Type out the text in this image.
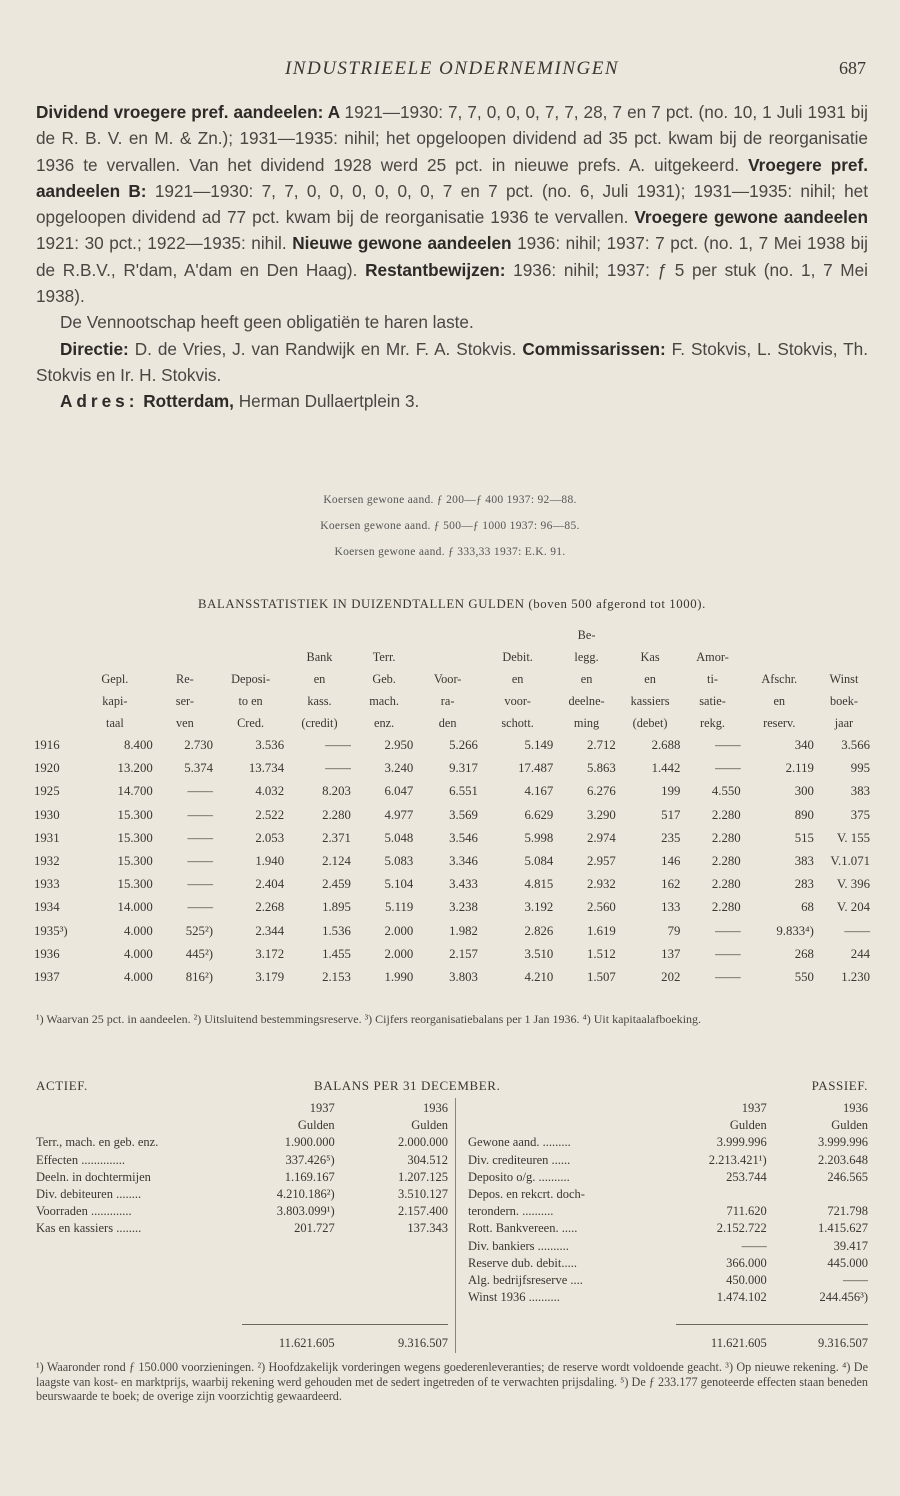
INDUSTRIEELE ONDERNEMINGEN	687

Dividend vroegere pref. aandeelen: A 1921—1930: 7, 7, 0, 0, 0, 7, 7, 28, 7 en 7 pct. (no. 10, 1 Juli 1931 bij de R. B. V. en M. & Zn.); 1931—1935: nihil; het opgeloopen dividend ad 35 pct. kwam bij de reorganisatie 1936 te vervallen. Van het dividend 1928 werd 25 pct. in nieuwe prefs. A. uitgekeerd. Vroegere pref. aandeelen B: 1921—1930: 7, 7, 0, 0, 0, 0, 0, 0, 7 en 7 pct. (no. 6, Juli 1931); 1931—1935: nihil; het opgeloopen dividend ad 77 pct. kwam bij de reorganisatie 1936 te vervallen. Vroegere gewone aandeelen 1921: 30 pct.; 1922—1935: nihil. Nieuwe gewone aandeelen 1936: nihil; 1937: 7 pct. (no. 1, 7 Mei 1938 bij de R.B.V., R'dam, A'dam en Den Haag). Restantbewijzen: 1936: nihil; 1937: ƒ 5 per stuk (no. 1, 7 Mei 1938).

De Vennootschap heeft geen obligatiën te haren laste.

Directie: D. de Vries, J. van Randwijk en Mr. F. A. Stokvis. Commissarissen: F. Stokvis, L. Stokvis, Th. Stokvis en Ir. H. Stokvis.

Adres: Rotterdam, Herman Dullaertplein 3.

Koersen gewone aand. ƒ 200—ƒ 400 1937: 92—88.
Koersen gewone aand. ƒ 500—ƒ 1000 1937: 96—85.
Koersen gewone aand. ƒ 333,33 1937: E.K. 91.
BALANSSTATISTIEK IN DUIZENDTALLEN GULDEN (boven 500 afgerond tot 1000).
								Be-				
				Bank	Terr.		Debit.	legg.	Kas	Amor-		
	Gepl.	Re-	Deposi-	en	Geb.	Voor-	en	en	en	ti-	Afschr.	Winst
	kapi-	ser-	to en	kass.	mach.	ra-	voor-	deelne-	kassiers	satie-	en	boek-
	taal	ven	Cred.	(credit)	enz.	den	schott.	ming	(debet)	rekg.	reserv.	jaar
1916	8.400	2.730	3.536	——	2.950	5.266	5.149	2.712	2.688	——	340	3.566
1920	13.200	5.374	13.734	——	3.240	9.317	17.487	5.863	1.442	——	2.119	995
1925	14.700	——	4.032	8.203	6.047	6.551	4.167	6.276	199	4.550	300	383
1930	15.300	——	2.522	2.280	4.977	3.569	6.629	3.290	517	2.280	890	375
1931	15.300	——	2.053	2.371	5.048	3.546	5.998	2.974	235	2.280	515	V. 155
1932	15.300	——	1.940	2.124	5.083	3.346	5.084	2.957	146	2.280	383	V.1.071
1933	15.300	——	2.404	2.459	5.104	3.433	4.815	2.932	162	2.280	283	V. 396
1934	14.000	——	2.268	1.895	5.119	3.238	3.192	2.560	133	2.280	68	V. 204
1935³)	4.000	525²)	2.344	1.536	2.000	1.982	2.826	1.619	79	——	9.833⁴)	——
1936	4.000	445²)	3.172	1.455	2.000	2.157	3.510	1.512	137	——	268	244
1937	4.000	816²)	3.179	2.153	1.990	3.803	4.210	1.507	202	——	550	1.230
¹) Waarvan 25 pct. in aandeelen. ²) Uitsluitend bestemmingsreserve. ³) Cijfers reorganisatiebalans per 1 Jan 1936. ⁴) Uit kapitaalafboeking.
ACTIEF.	BALANS PER 31 DECEMBER.	PASSIEF.
	1937	1936
	Gulden	Gulden
Terr., mach. en geb. enz.	1.900.000	2.000.000
Effecten ..............	337.426⁵)	304.512
Deeln. in dochtermijen	1.169.167	1.207.125
Div. debiteuren ........	4.210.186²)	3.510.127
Voorraden .............	3.803.099¹)	2.157.400
Kas en kassiers ........	201.727	137.343

	11.621.605	9.316.507
	1937	1936
	Gulden	Gulden
Gewone aand. .........	3.999.996	3.999.996
Div. crediteuren ......	2.213.421¹)	2.203.648
Deposito o/g. ..........	253.744	246.565
Depos. en rekcrt. doch-		
terondern. ..........	711.620	721.798
Rott. Bankvereen. .....	2.152.722	1.415.627
Div. bankiers ..........	——	39.417
Reserve dub. debit.....	366.000	445.000
Alg. bedrijfsreserve ....	450.000	——
Winst 1936 ..........	1.474.102	244.456³)

	11.621.605	9.316.507
¹) Waaronder rond ƒ 150.000 voorzieningen. ²) Hoofdzakelijk vorderingen wegens goederenleveranties; de reserve wordt voldoende geacht. ³) Op nieuwe rekening. ⁴) De laagste van kost- en marktprijs, waarbij rekening werd gehouden met de sedert ingetreden of te verwachten prijsdaling. ⁵) De ƒ 233.177 genoteerde effecten staan beneden beurswaarde te boek; de overige zijn voorzichtig gewaardeerd.
